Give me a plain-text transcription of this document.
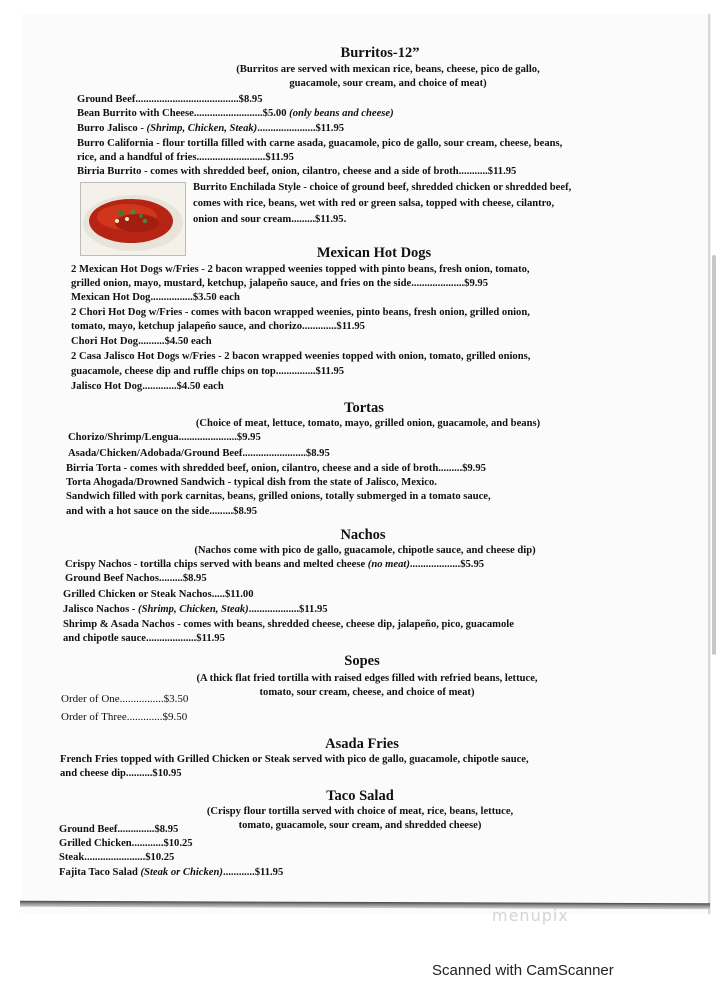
Burritos-12”
(Burritos are served with mexican rice, beans, cheese, pico de gallo,
guacamole, sour cream, and choice of meat)
Ground Beef.......................................$8.95
Bean Burrito with Cheese..........................$5.00 (only beans and cheese)
Burro Jalisco - (Shrimp, Chicken, Steak)......................$11.95
Burro California - flour tortilla filled with carne asada, guacamole, pico de gallo, sour cream, cheese, beans,
rice, and a handful of fries..........................$11.95
Birria Burrito - comes with shredded beef, onion, cilantro, cheese and a side of broth...........$11.95
Burrito Enchilada Style - choice of ground beef, shredded chicken or shredded beef,
comes with rice, beans, wet with red or green salsa, topped with cheese, cilantro,
onion and sour cream.........$11.95.
Mexican Hot Dogs
2 Mexican Hot Dogs w/Fries - 2 bacon wrapped weenies topped with pinto beans, fresh onion, tomato,
grilled onion, mayo, mustard, ketchup, jalapeño sauce, and fries on the side....................$9.95
Mexican Hot Dog................$3.50 each
2 Chori Hot Dog w/Fries - comes with bacon wrapped weenies, pinto beans, fresh onion, grilled onion,
tomato, mayo, ketchup jalapeño sauce, and chorizo.............$11.95
Chori Hot Dog..........$4.50 each
2 Casa Jalisco Hot Dogs w/Fries - 2 bacon wrapped weenies topped with onion, tomato, grilled onions,
guacamole, cheese dip and ruffle chips on top...............$11.95
Jalisco Hot Dog.............$4.50 each
Tortas
(Choice of meat, lettuce, tomato, mayo, grilled onion, guacamole, and beans)
Chorizo/Shrimp/Lengua......................$9.95
Asada/Chicken/Adobada/Ground Beef........................$8.95
Birria Torta - comes with shredded beef, onion, cilantro, cheese and a side of broth.........$9.95
Torta Ahogada/Drowned Sandwich - typical dish from the state of Jalisco, Mexico.
Sandwich filled with pork carnitas, beans, grilled onions, totally submerged in a tomato sauce,
and with a hot sauce on the side.........$8.95
Nachos
(Nachos come with pico de gallo, guacamole, chipotle sauce, and cheese dip)
Crispy Nachos - tortilla chips served with beans and melted cheese (no meat)...................$5.95
Ground Beef Nachos.........$8.95
Grilled Chicken or Steak Nachos.....$11.00
Jalisco Nachos - (Shrimp, Chicken, Steak)...................$11.95
Shrimp & Asada Nachos - comes with beans, shredded cheese, cheese dip, jalapeño, pico, guacamole
and chipotle sauce...................$11.95
Sopes
(A thick flat fried tortilla with raised edges filled with refried beans, lettuce,
tomato, sour cream, cheese, and choice of meat)
Order of One................$3.50
Order of Three.............$9.50
Asada Fries
French Fries topped with Grilled Chicken or Steak served with pico de gallo, guacamole, chipotle sauce,
and cheese dip..........$10.95
Taco Salad
(Crispy flour tortilla served with choice of meat, rice, beans, lettuce,
tomato, guacamole, sour cream, and shredded cheese)
Ground Beef..............$8.95
Grilled Chicken............$10.25
Steak.......................$10.25
Fajita Taco Salad (Steak or Chicken)............$11.95
menupix
Scanned with CamScanner
